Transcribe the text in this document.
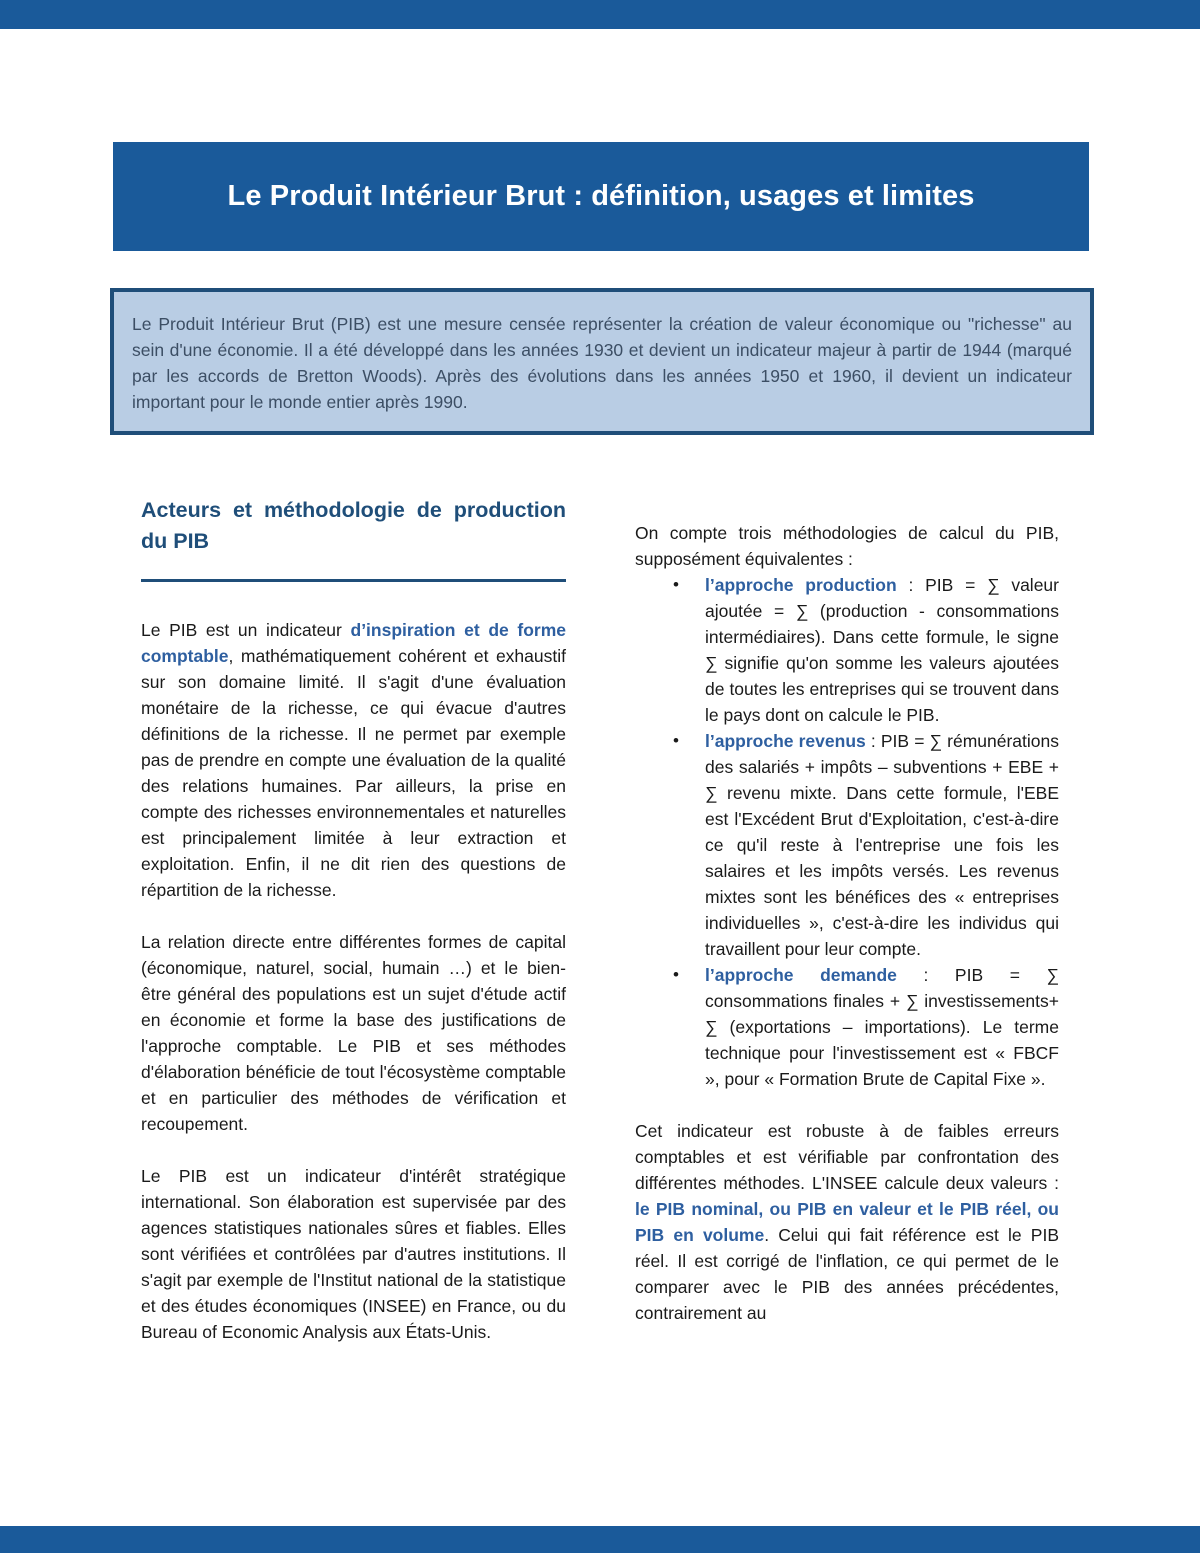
Le Produit Intérieur Brut : définition, usages et limites
Le Produit Intérieur Brut (PIB) est une mesure censée représenter la création de valeur économique ou "richesse" au sein d'une économie. Il a été développé dans les années 1930 et devient un indicateur majeur à partir de 1944 (marqué par les accords de Bretton Woods). Après des évolutions dans les années 1950 et 1960, il devient un indicateur important pour le monde entier après 1990.
Acteurs et méthodologie de production du PIB

Le PIB est un indicateur d’inspiration et de forme comptable, mathématiquement cohérent et exhaustif sur son domaine limité. Il s'agit d'une évaluation monétaire de la richesse, ce qui évacue d'autres définitions de la richesse. Il ne permet par exemple pas de prendre en compte une évaluation de la qualité des relations humaines. Par ailleurs, la prise en compte des richesses environnementales et naturelles est principalement limitée à leur extraction et exploitation. Enfin, il ne dit rien des questions de répartition de la richesse.

La relation directe entre différentes formes de capital (économique, naturel, social, humain …) et le bien-être général des populations est un sujet d'étude actif en économie et forme la base des justifications de l'approche comptable. Le PIB et ses méthodes d'élaboration bénéficie de tout l'écosystème comptable et en particulier des méthodes de vérification et recoupement.

Le PIB est un indicateur d'intérêt stratégique international. Son élaboration est supervisée par des agences statistiques nationales sûres et fiables. Elles sont vérifiées et contrôlées par d'autres institutions. Il s'agit par exemple de l'Institut national de la statistique et des études économiques (INSEE) en France, ou du Bureau of Economic Analysis aux États-Unis.

On compte trois méthodologies de calcul du PIB, supposément équivalentes :

• l’approche production : PIB = ∑ valeur ajoutée = ∑ (production - consommations intermédiaires). Dans cette formule, le signe ∑ signifie qu'on somme les valeurs ajoutées de toutes les entreprises qui se trouvent dans le pays dont on calcule le PIB.
• l’approche revenus : PIB = ∑ rémunérations des salariés + impôts – subventions + EBE + ∑ revenu mixte. Dans cette formule, l'EBE est l'Excédent Brut d'Exploitation, c'est-à-dire ce qu'il reste à l'entreprise une fois les salaires et les impôts versés. Les revenus mixtes sont les bénéfices des « entreprises individuelles », c'est-à-dire les individus qui travaillent pour leur compte.
• l’approche demande : PIB = ∑ consommations finales + ∑ investissements+ ∑ (exportations – importations). Le terme technique pour l'investissement est « FBCF », pour « Formation Brute de Capital Fixe ».

Cet indicateur est robuste à de faibles erreurs comptables et est vérifiable par confrontation des différentes méthodes. L'INSEE calcule deux valeurs : le PIB nominal, ou PIB en valeur et le PIB réel, ou PIB en volume. Celui qui fait référence est le PIB réel. Il est corrigé de l'inflation, ce qui permet de le comparer avec le PIB des années précédentes, contrairement au
